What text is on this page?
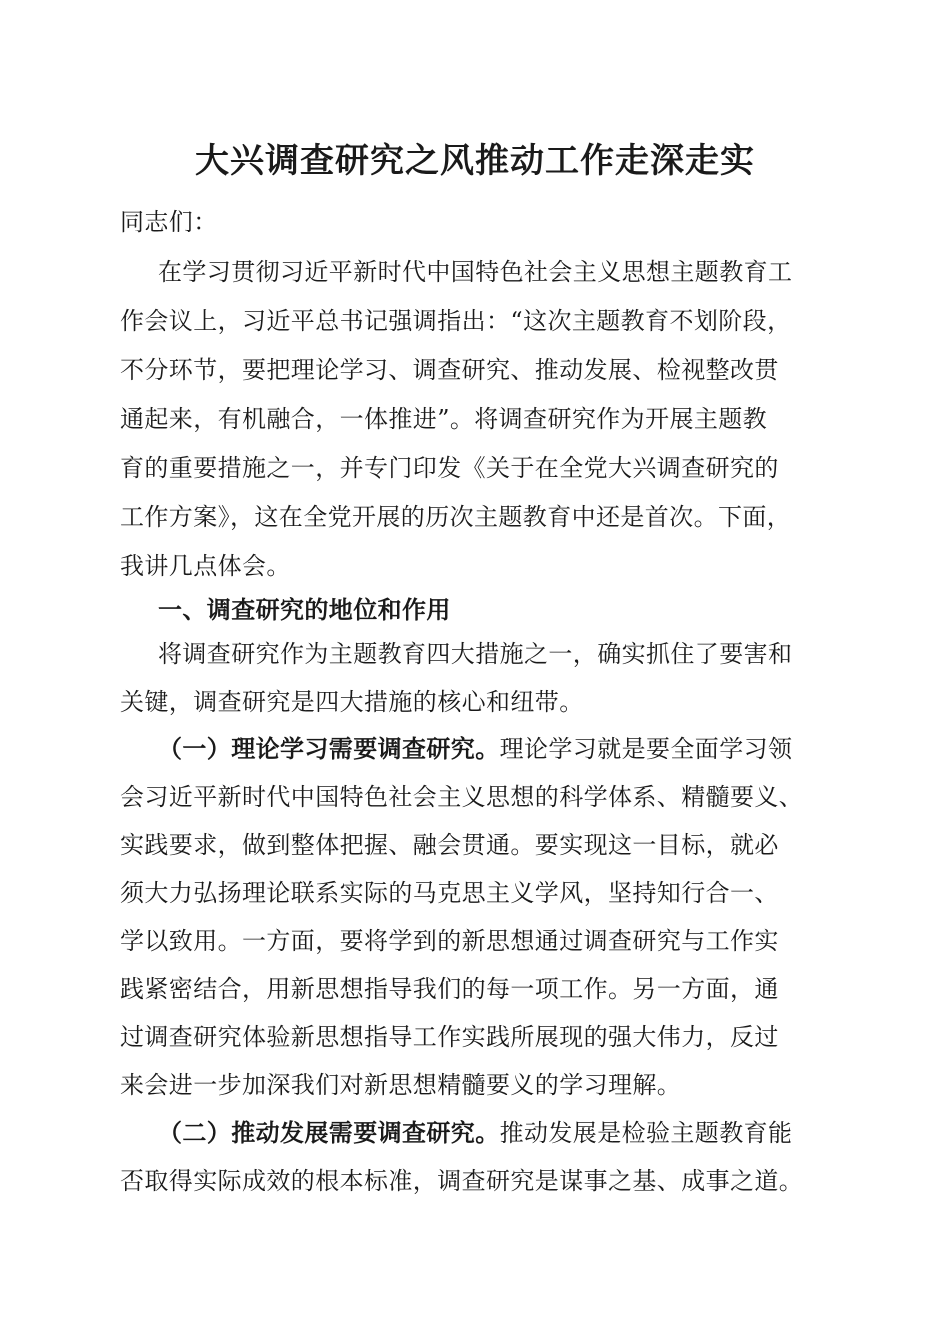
大兴调查研究之风推动工作走深走实
同志们：
在学习贯彻习近平新时代中国特色社会主义思想主题教育工
作会议上，习近平总书记强调指出：“这次主题教育不划阶段，
不分环节，要把理论学习、调查研究、推动发展、检视整改贯
通起来，有机融合，一体推进”。将调查研究作为开展主题教
育的重要措施之一，并专门印发《关于在全党大兴调查研究的
工作方案》，这在全党开展的历次主题教育中还是首次。下面，
我讲几点体会。
一、调查研究的地位和作用
将调查研究作为主题教育四大措施之一，确实抓住了要害和
关键，调查研究是四大措施的核心和纽带。
（一）理论学习需要调查研究。理论学习就是要全面学习领
会习近平新时代中国特色社会主义思想的科学体系、精髓要义、
实践要求，做到整体把握、融会贯通。要实现这一目标，就必
须大力弘扬理论联系实际的马克思主义学风，坚持知行合一、
学以致用。一方面，要将学到的新思想通过调查研究与工作实
践紧密结合，用新思想指导我们的每一项工作。另一方面，通
过调查研究体验新思想指导工作实践所展现的强大伟力，反过
来会进一步加深我们对新思想精髓要义的学习理解。
（二）推动发展需要调查研究。推动发展是检验主题教育能
否取得实际成效的根本标准，调查研究是谋事之基、成事之道。
